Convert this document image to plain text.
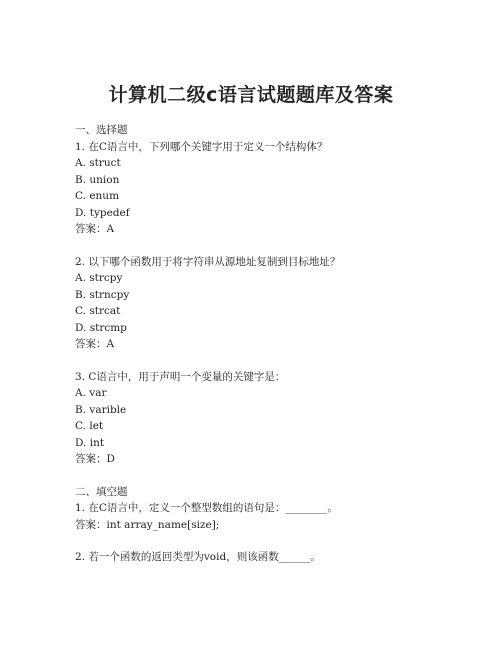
计算机二级c语言试题题库及答案
一、选择题
1. 在C语言中，下列哪个关键字用于定义一个结构体？
A. struct
B. union
C. enum
D. typedef
答案：A
2. 以下哪个函数用于将字符串从源地址复制到目标地址？
A. strcpy
B. strncpy
C. strcat
D. strcmp
答案：A
3. C语言中，用于声明一个变量的关键字是：
A. var
B. varible
C. let
D. int
答案：D
二、填空题
1. 在C语言中，定义一个整型数组的语句是：________。
答案：int array_name[size];
2. 若一个函数的返回类型为void，则该函数______。
